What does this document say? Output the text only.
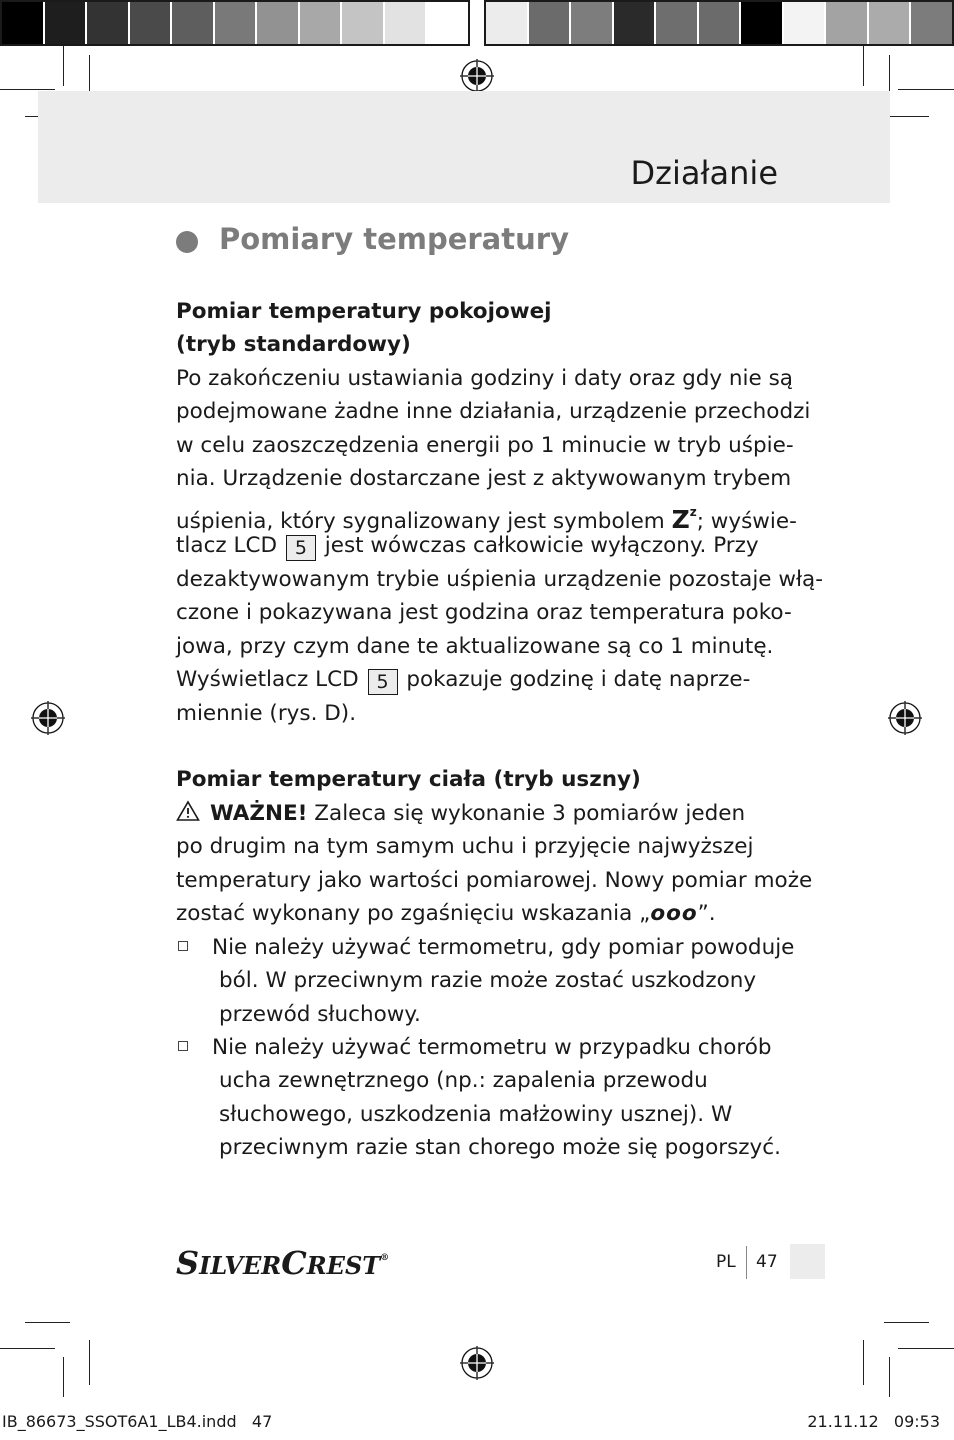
Działanie
Pomiary temperatury
Pomiar temperatury pokojowej
(tryb standardowy)
Po zakończeniu ustawiania godziny i daty oraz gdy nie są
podejmowane żadne inne działania, urządzenie przechodzi
w celu zaoszczędzenia energii po 1 minucie w tryb uśpie-
nia. Urządzenie dostarczane jest z aktywowanym trybem
uśpienia, który sygnalizowany jest symbolem $Z^z$; wyświe-
tlacz LCD 5 jest wówczas całkowicie wyłączony. Przy
dezaktywowanym trybie uśpienia urządzenie pozostaje włą-
czone i pokazywana jest godzina oraz temperatura poko-
jowa, przy czym dane te aktualizowane są co 1 minutę.
Wyświetlacz LCD 5 pokazuje godzinę i datę naprze-
miennie (rys. D).
Pomiar temperatury ciała (tryb uszny)
WAŻNE! Zaleca się wykonanie 3 pomiarów jeden
po drugim na tym samym uchu i przyjęcie najwyższej
temperatury jako wartości pomiarowej. Nowy pomiar może
zostać wykonany po zgaśnięciu wskazania „ooo”.
Nie należy używać termometru, gdy pomiar powoduje
ból. W przeciwnym razie może zostać uszkodzony
przewód słuchowy.
Nie należy używać termometru w przypadku chorób
ucha zewnętrznego (np.: zapalenia przewodu
słuchowego, uszkodzenia małżowiny usznej). W
przeciwnym razie stan chorego może się pogorszyć.
SILVERCREST®	PL 47
IB_86673_SSOT6A1_LB4.indd   47	21.11.12   09:53
